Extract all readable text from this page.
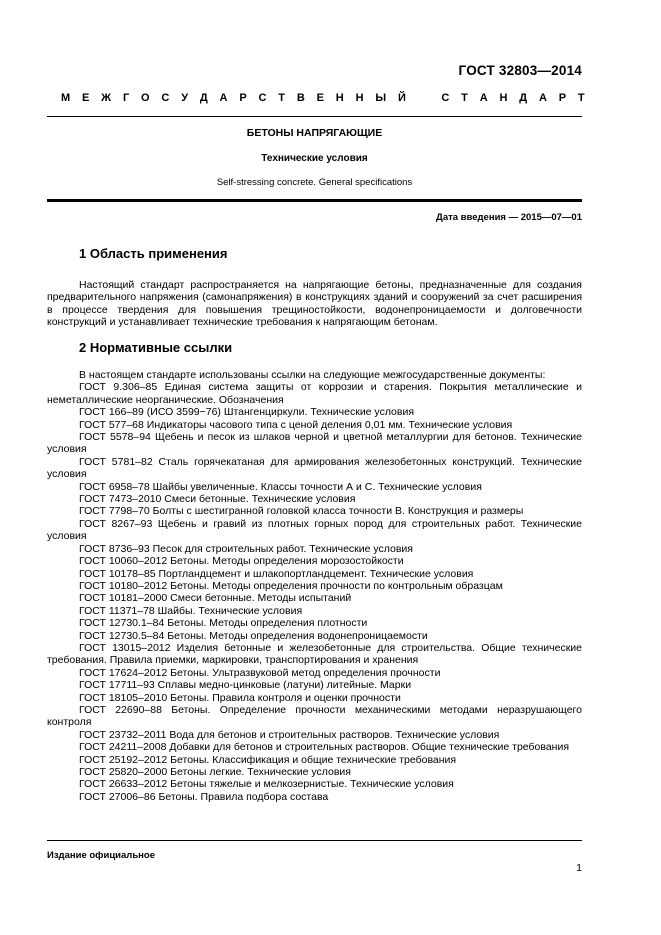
ГОСТ 32803—2014
М Е Ж Г О С У Д А Р С Т В Е Н Н Ы Й	С Т А Н Д А Р Т
БЕТОНЫ НАПРЯГАЮЩИЕ
Технические условия
Self-stressing concrete. General specifications
Дата введения — 2015—07—01
1 Область применения

Настоящий стандарт распространяется на напрягающие бетоны, предназначенные для создания предварительного напряжения (самонапряжения) в конструкциях зданий и сооружений за счет расширения в процессе твердения для повышения трещиностойкости, водонепроницаемости и долговечности конструкций и устанавливает технические требования к напрягающим бетонам.

2 Нормативные ссылки

В настоящем стандарте использованы ссылки на следующие межгосударственные документы:

ГОСТ 9.306–85 Единая система защиты от коррозии и старения. Покрытия металлические и неметаллические неорганические. Обозначения

ГОСТ 166–89 (ИСО 3599−76) Штангенциркули. Технические условия

ГОСТ 577–68 Индикаторы часового типа с ценой деления 0,01 мм. Технические условия

ГОСТ 5578–94 Щебень и песок из шлаков черной и цветной металлургии для бетонов. Технические условия

ГОСТ 5781–82 Сталь горячекатаная для армирования железобетонных конструкций. Технические условия

ГОСТ 6958–78 Шайбы увеличенные. Классы точности А и С. Технические условия

ГОСТ 7473–2010 Смеси бетонные. Технические условия

ГОСТ 7798–70 Болты с шестигранной головкой класса точности В. Конструкция и размеры

ГОСТ 8267–93 Щебень и гравий из плотных горных пород для строительных работ. Технические условия

ГОСТ 8736–93 Песок для строительных работ. Технические условия

ГОСТ 10060–2012 Бетоны. Методы определения морозостойкости

ГОСТ 10178–85 Портландцемент и шлакопортландцемент. Технические условия

ГОСТ 10180–2012 Бетоны. Методы определения прочности по контрольным образцам

ГОСТ 10181–2000 Смеси бетонные. Методы испытаний

ГОСТ 11371–78 Шайбы. Технические условия

ГОСТ 12730.1–84 Бетоны. Методы определения плотности

ГОСТ 12730.5–84 Бетоны. Методы определения водонепроницаемости

ГОСТ 13015–2012 Изделия бетонные и железобетонные для строительства. Общие технические требования. Правила приемки, маркировки, транспортирования и хранения

ГОСТ 17624–2012 Бетоны. Ультразвуковой метод определения прочности

ГОСТ 17711–93 Сплавы медно-цинковые (латуни) литейные. Марки

ГОСТ 18105–2010 Бетоны. Правила контроля и оценки прочности

ГОСТ 22690–88 Бетоны. Определение прочности механическими методами неразрушающего контроля

ГОСТ 23732–2011 Вода для бетонов и строительных растворов. Технические условия

ГОСТ 24211–2008 Добавки для бетонов и строительных растворов. Общие технические требования

ГОСТ 25192–2012 Бетоны. Классификация и общие технические требования

ГОСТ 25820–2000 Бетоны легкие. Технические условия

ГОСТ 26633–2012 Бетоны тяжелые и мелкозернистые. Технические условия

ГОСТ 27006–86 Бетоны. Правила подбора состава

Издание официальное
1
